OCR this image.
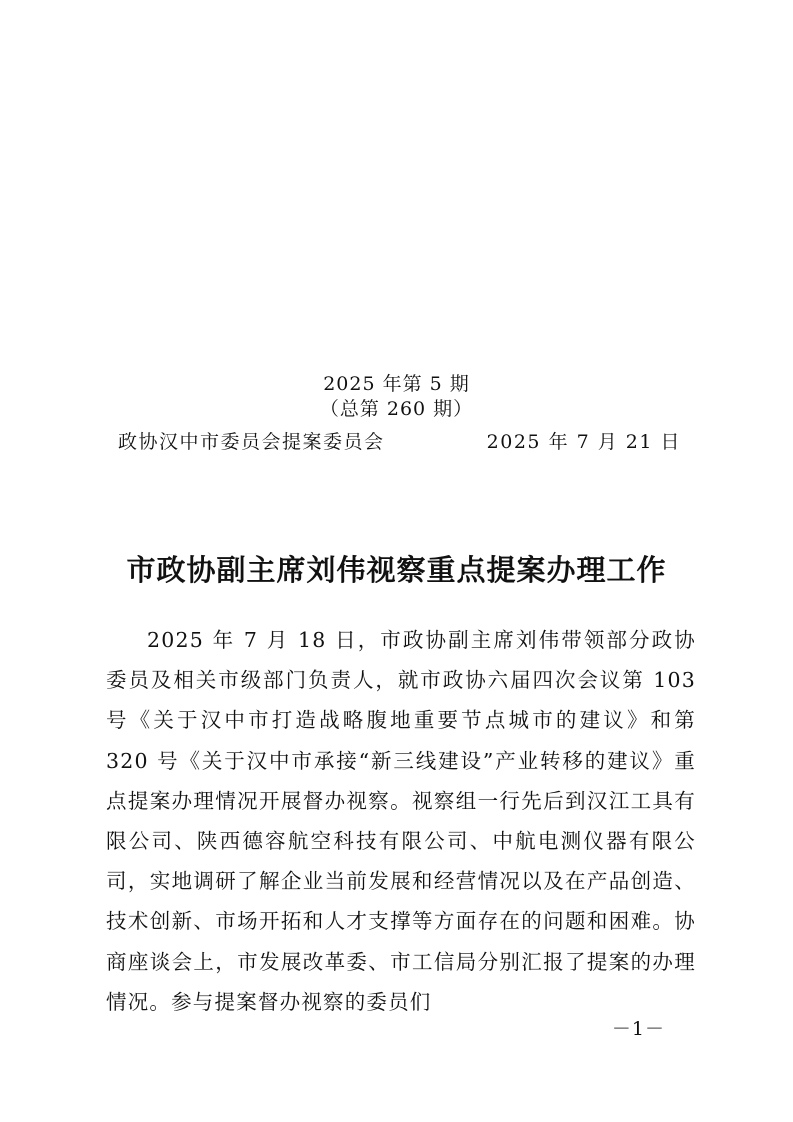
2025 年第 5 期
（总第 260 期）
政协汉中市委员会提案委员会	2025 年 7 月 21 日
市政协副主席刘伟视察重点提案办理工作

2025 年 7 月 18 日，市政协副主席刘伟带领部分政协委员及相关市级部门负责人，就市政协六届四次会议第 103 号《关于汉中市打造战略腹地重要节点城市的建议》和第 320 号《关于汉中市承接“新三线建设”产业转移的建议》重点提案办理情况开展督办视察。视察组一行先后到汉江工具有限公司、陕西德容航空科技有限公司、中航电测仪器有限公司，实地调研了解企业当前发展和经营情况以及在产品创造、技术创新、市场开拓和人才支撑等方面存在的问题和困难。协商座谈会上，市发展改革委、市工信局分别汇报了提案的办理情况。参与提案督办视察的委员们

－1－
